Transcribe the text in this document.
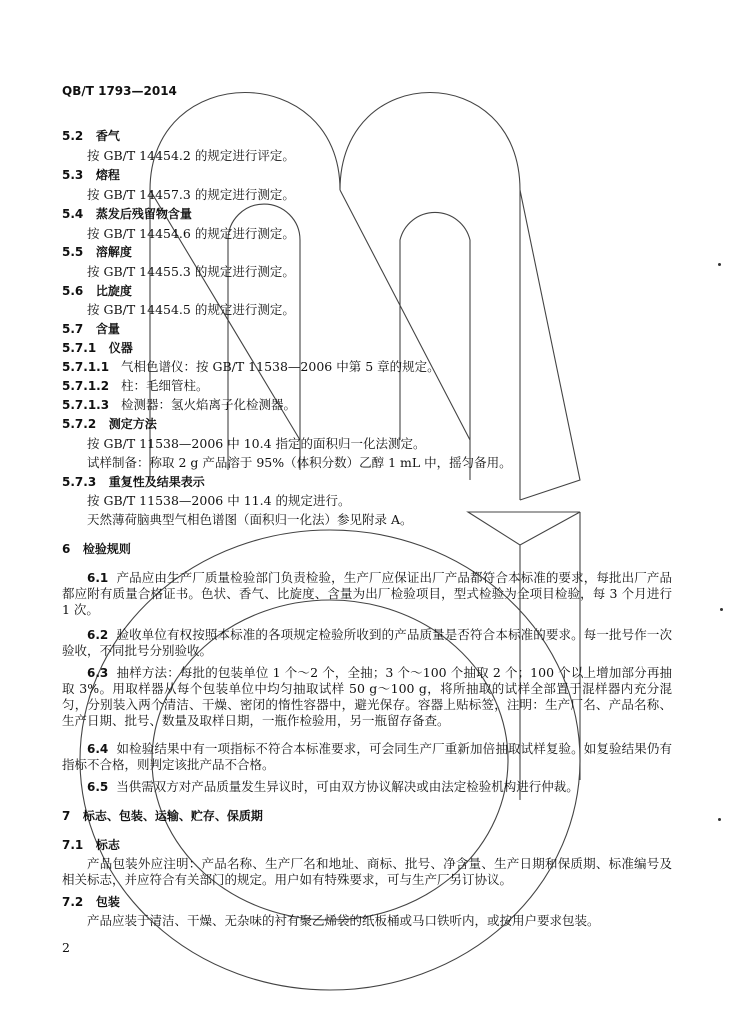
QB/T 1793—2014
5.2 香气
按 GB/T 14454.2 的规定进行评定。
5.3 熔程
按 GB/T 14457.3 的规定进行测定。
5.4 蒸发后残留物含量
按 GB/T 14454.6 的规定进行测定。
5.5 溶解度
按 GB/T 14455.3 的规定进行测定。
5.6 比旋度
按 GB/T 14454.5 的规定进行测定。
5.7 含量
5.7.1 仪器
5.7.1.1 气相色谱仪：按 GB/T 11538—2006 中第 5 章的规定。
5.7.1.2 柱：毛细管柱。
5.7.1.3 检测器：氢火焰离子化检测器。
5.7.2 测定方法
按 GB/T 11538—2006 中 10.4 指定的面积归一化法测定。
试样制备：称取 2 g 产品溶于 95%（体积分数）乙醇 1 mL 中，摇匀备用。
5.7.3 重复性及结果表示
按 GB/T 11538—2006 中 11.4 的规定进行。
天然薄荷脑典型气相色谱图（面积归一化法）参见附录 A。
6 检验规则
6.1 产品应由生产厂质量检验部门负责检验，生产厂应保证出厂产品都符合本标准的要求，每批出厂产品都应附有质量合格证书。色状、香气、比旋度、含量为出厂检验项目，型式检验为全项目检验，每 3 个月进行 1 次。
6.2 验收单位有权按照本标准的各项规定检验所收到的产品质量是否符合本标准的要求。每一批号作一次验收，不同批号分别验收。
6.3 抽样方法：每批的包装单位 1 个～2 个，全抽；3 个～100 个抽取 2 个；100 个以上增加部分再抽取 3%。用取样器从每个包装单位中均匀抽取试样 50 g～100 g，将所抽取的试样全部置于混样器内充分混匀，分别装入两个清洁、干燥、密闭的惰性容器中，避光保存。容器上贴标签，注明：生产厂名、产品名称、生产日期、批号、数量及取样日期，一瓶作检验用，另一瓶留存备查。
6.4 如检验结果中有一项指标不符合本标准要求，可会同生产厂重新加倍抽取试样复验。如复验结果仍有指标不合格，则判定该批产品不合格。
6.5 当供需双方对产品质量发生异议时，可由双方协议解决或由法定检验机构进行仲裁。
7 标志、包装、运输、贮存、保质期
7.1 标志
产品包装外应注明：产品名称、生产厂名和地址、商标、批号、净含量、生产日期和保质期、标准编号及相关标志，并应符合有关部门的规定。用户如有特殊要求，可与生产厂另订协议。
7.2 包装
产品应装于清洁、干燥、无杂味的衬有聚乙烯袋的纸板桶或马口铁听内，或按用户要求包装。
2
